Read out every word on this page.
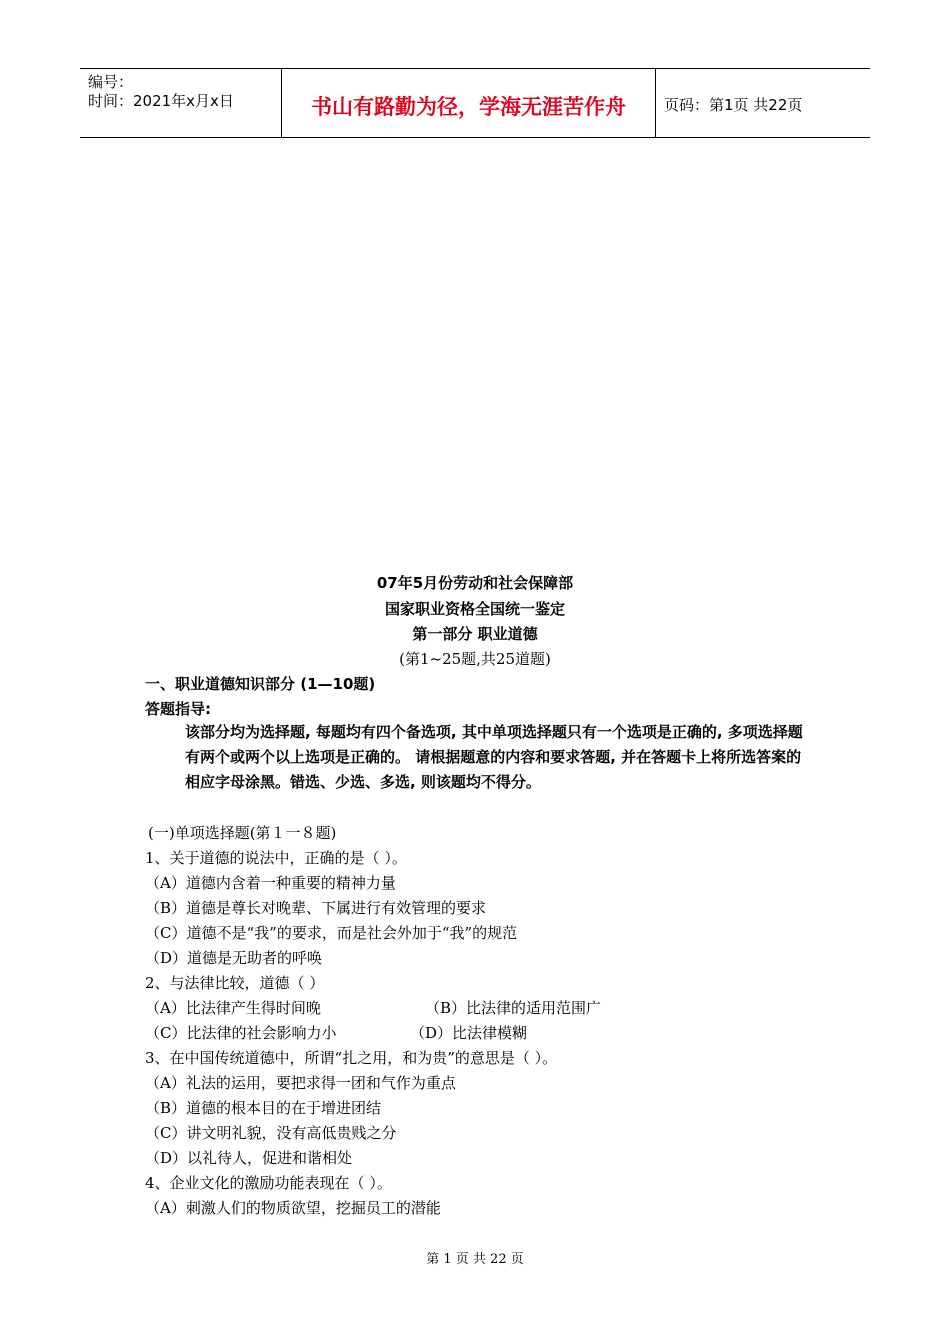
编号：
时间：2021年x月x日	书山有路勤为径，学海无涯苦作舟	页码：第1页 共22页
07年5月份劳动和社会保障部
国家职业资格全国统一鉴定
第一部分 职业道德
(第1~25题,共25道题)
一、职业道德知识部分 (1—10题)
答题指导:
该部分均为选择题, 每题均有四个备选项, 其中单项选择题只有一个选项是正确的, 多项选择题有两个或两个以上选项是正确的。 请根据题意的内容和要求答题, 并在答题卡上将所选答案的相应字母涂黑。错选、少选、多选, 则该题均不得分。
(一)单项选择题(第１一８题)
1、关于道德的说法中，正确的是（ ）。
（A）道德内含着一种重要的精神力量
（B）道德是尊长对晚辈、下属进行有效管理的要求
（C）道德不是“我”的要求，而是社会外加于“我”的规范
（D）道德是无助者的呼唤
2、与法律比较，道德（ ）
（A）比法律产生得时间晚	（B）比法律的适用范围广
（C）比法律的社会影响力小	（D）比法律模糊
3、在中国传统道德中，所谓“扎之用，和为贵”的意思是（ ）。
（A）礼法的运用，要把求得一团和气作为重点
（B）道德的根本目的在于增进团结
（C）讲文明礼貌，没有高低贵贱之分
（D）以礼待人，促进和谐相处
4、企业文化的激励功能表现在（ ）。
（A）刺激人们的物质欲望，挖掘员工的潜能
第 1 页 共 22 页
